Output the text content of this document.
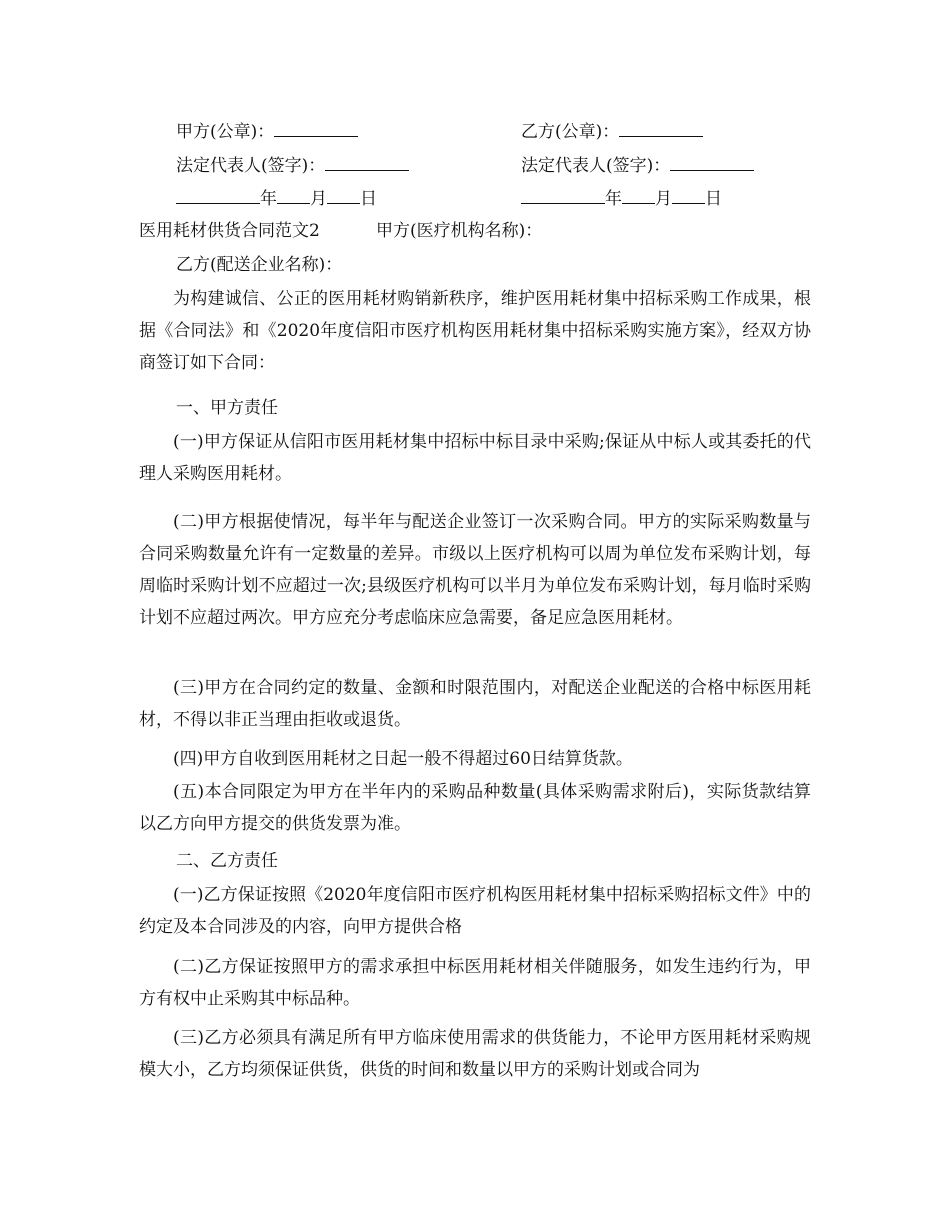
甲方(公章)：	乙方(公章)：
法定代表人(签字)：	法定代表人(签字)：
年 月 日	年 月 日
医用耗材供货合同范文2	甲方(医疗机构名称)：
乙方(配送企业名称)：
为构建诚信、公正的医用耗材购销新秩序，维护医用耗材集中招标采购工作成果，根据《合同法》和《2020年度信阳市医疗机构医用耗材集中招标采购实施方案》，经双方协商签订如下合同：
一、甲方责任
(一)甲方保证从信阳市医用耗材集中招标中标目录中采购;保证从中标人或其委托的代理人采购医用耗材。
(二)甲方根据使情况，每半年与配送企业签订一次采购合同。甲方的实际采购数量与合同采购数量允许有一定数量的差异。市级以上医疗机构可以周为单位发布采购计划，每周临时采购计划不应超过一次;县级医疗机构可以半月为单位发布采购计划，每月临时采购计划不应超过两次。甲方应充分考虑临床应急需要，备足应急医用耗材。
(三)甲方在合同约定的数量、金额和时限范围内，对配送企业配送的合格中标医用耗材，不得以非正当理由拒收或退货。
(四)甲方自收到医用耗材之日起一般不得超过60日结算货款。
(五)本合同限定为甲方在半年内的采购品种数量(具体采购需求附后)，实际货款结算以乙方向甲方提交的供货发票为准。
二、乙方责任
(一)乙方保证按照《2020年度信阳市医疗机构医用耗材集中招标采购招标文件》中的约定及本合同涉及的内容，向甲方提供合格
(二)乙方保证按照甲方的需求承担中标医用耗材相关伴随服务，如发生违约行为，甲方有权中止采购其中标品种。
(三)乙方必须具有满足所有甲方临床使用需求的供货能力，不论甲方医用耗材采购规模大小，乙方均须保证供货，供货的时间和数量以甲方的采购计划或合同为
